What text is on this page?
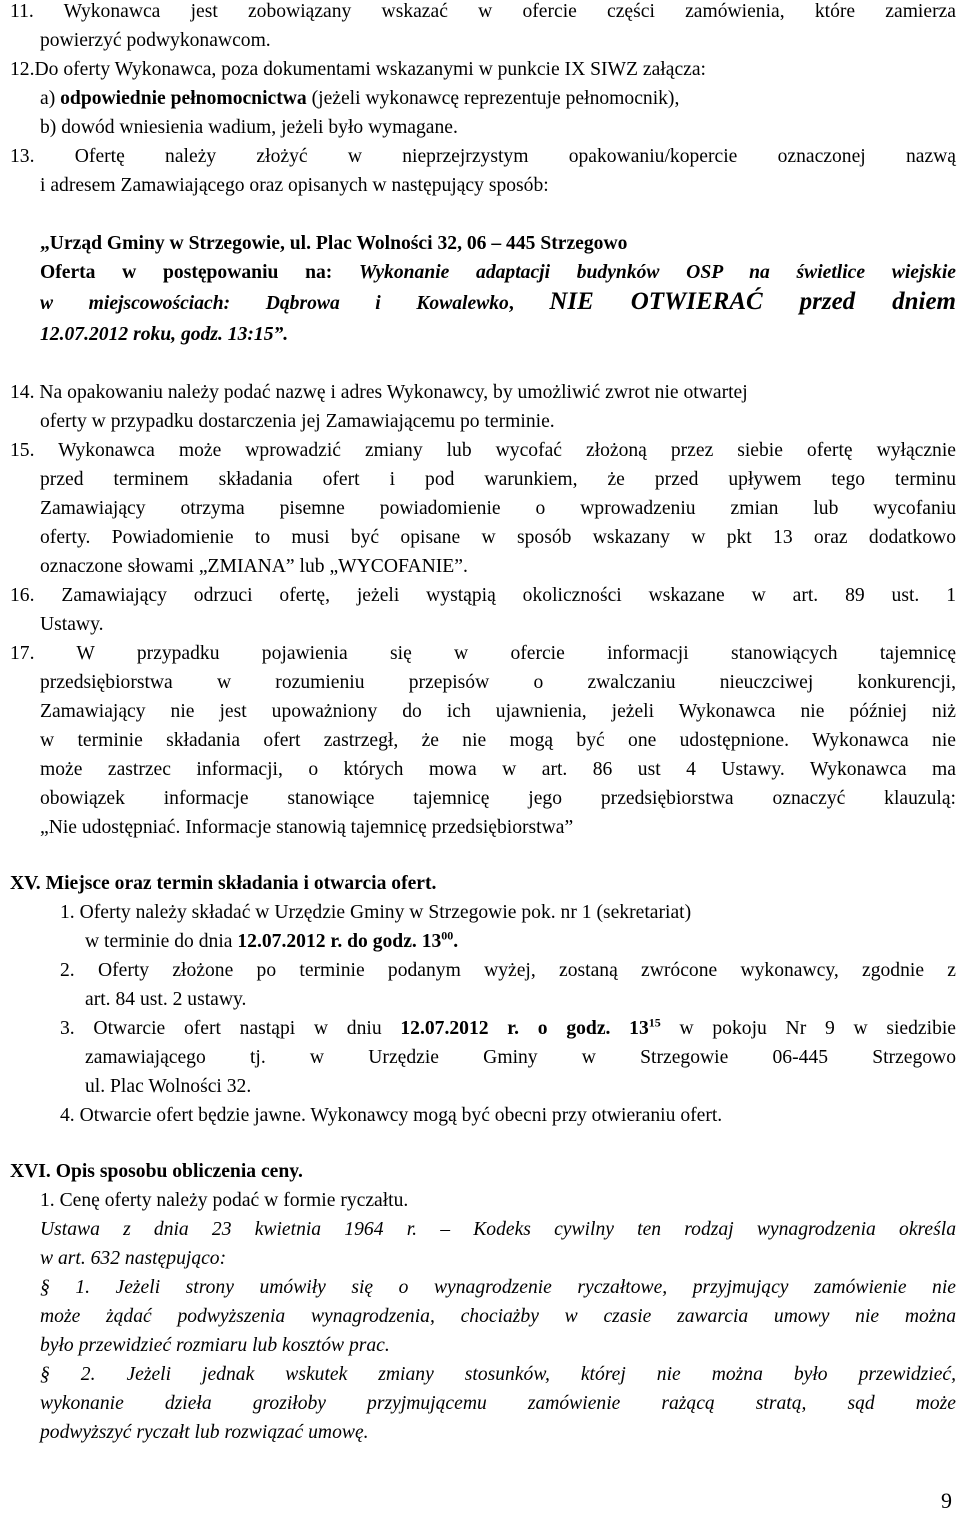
11. Wykonawca jest zobowiązany wskazać w ofercie części zamówienia, które zamierza
powierzyć podwykonawcom.
12.Do oferty Wykonawca, poza dokumentami wskazanymi w punkcie IX SIWZ załącza:
a) odpowiednie pełnomocnictwa (jeżeli wykonawcę reprezentuje pełnomocnik),
b) dowód wniesienia wadium, jeżeli było wymagane.
13. Ofertę należy złożyć w nieprzejrzystym opakowaniu/kopercie oznaczonej nazwą
i adresem Zamawiającego oraz opisanych w następujący sposób:
„Urząd Gminy w Strzegowie, ul. Plac Wolności 32, 06 – 445 Strzegowo
Oferta w postępowaniu na: Wykonanie adaptacji budynków OSP na świetlice wiejskie
w miejscowościach: Dąbrowa i Kowalewko, NIE OTWIERAĆ przed dniem
12.07.2012 roku, godz. 13:15”.
14. Na opakowaniu należy podać nazwę i adres Wykonawcy, by umożliwić zwrot nie otwartej
oferty w przypadku dostarczenia jej Zamawiającemu po terminie.
15. Wykonawca może wprowadzić zmiany lub wycofać złożoną przez siebie ofertę wyłącznie
przed terminem składania ofert i pod warunkiem, że przed upływem tego terminu
Zamawiający otrzyma pisemne powiadomienie o wprowadzeniu zmian lub wycofaniu
oferty. Powiadomienie to musi być opisane w sposób wskazany w pkt 13 oraz dodatkowo
oznaczone słowami „ZMIANA” lub „WYCOFANIE”.
16. Zamawiający odrzuci ofertę, jeżeli wystąpią okoliczności wskazane w art. 89 ust. 1
Ustawy.
17. W przypadku pojawienia się w ofercie informacji stanowiących tajemnicę
przedsiębiorstwa w rozumieniu przepisów o zwalczaniu nieuczciwej konkurencji,
Zamawiający nie jest upoważniony do ich ujawnienia, jeżeli Wykonawca nie później niż
w terminie składania ofert zastrzegł, że nie mogą być one udostępnione. Wykonawca nie
może zastrzec informacji, o których mowa w art. 86 ust 4 Ustawy. Wykonawca ma
obowiązek informacje stanowiące tajemnicę jego przedsiębiorstwa oznaczyć klauzulą:
„Nie udostępniać. Informacje stanowią tajemnicę przedsiębiorstwa”
XV. Miejsce oraz termin składania i otwarcia ofert.
1. Oferty należy składać w Urzędzie Gminy w Strzegowie pok. nr 1 (sekretariat)
w terminie do dnia 12.07.2012 r. do godz. $13^{00}$.
2. Oferty złożone po terminie podanym wyżej, zostaną zwrócone wykonawcy, zgodnie z
art. 84 ust. 2 ustawy.
3. Otwarcie ofert nastąpi w dniu 12.07.2012 r. o godz. $13^{15}$ w pokoju Nr 9 w siedzibie
zamawiającego tj. w Urzędzie Gminy w Strzegowie 06-445 Strzegowo
ul. Plac Wolności 32.
4. Otwarcie ofert będzie jawne. Wykonawcy mogą być obecni przy otwieraniu ofert.
XVI. Opis sposobu obliczenia ceny.
1. Cenę oferty należy podać w formie ryczałtu.
Ustawa z dnia 23 kwietnia 1964 r. – Kodeks cywilny ten rodzaj wynagrodzenia określa
w art. 632 następująco:
§ 1. Jeżeli strony umówiły się o wynagrodzenie ryczałtowe, przyjmujący zamówienie nie
może żądać podwyższenia wynagrodzenia, chociażby w czasie zawarcia umowy nie można
było przewidzieć rozmiaru lub kosztów prac.
§ 2. Jeżeli jednak wskutek zmiany stosunków, której nie można było przewidzieć,
wykonanie dzieła groziłoby przyjmującemu zamówienie rażącą stratą, sąd może
podwyższyć ryczałt lub rozwiązać umowę.
9
